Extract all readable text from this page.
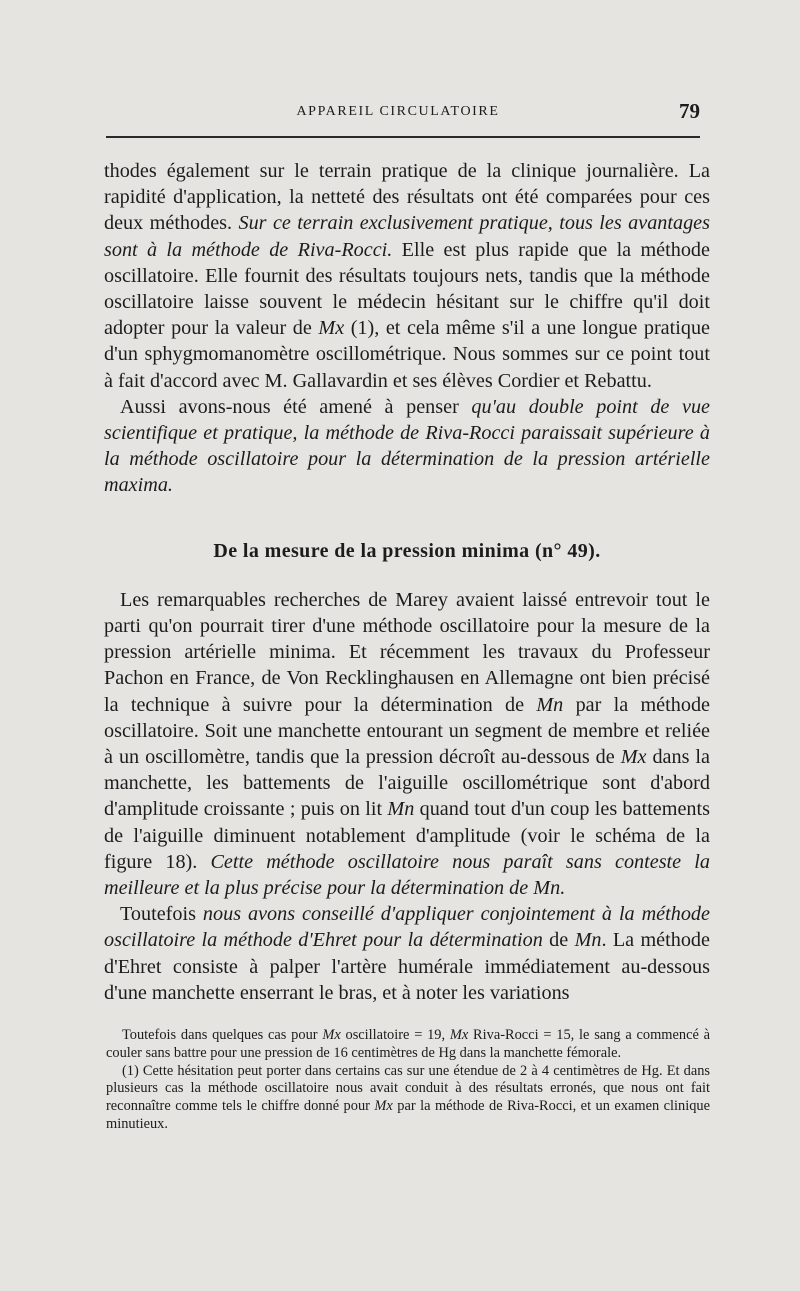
APPAREIL CIRCULATOIRE	79

thodes également sur le terrain pratique de la clinique journalière. La rapidité d'application, la netteté des résultats ont été comparées pour ces deux méthodes. Sur ce terrain exclusivement pratique, tous les avantages sont à la méthode de Riva-Rocci. Elle est plus rapide que la méthode oscillatoire. Elle fournit des résultats toujours nets, tandis que la méthode oscillatoire laisse souvent le médecin hésitant sur le chiffre qu'il doit adopter pour la valeur de Mx (1), et cela même s'il a une longue pratique d'un sphygmomanomètre oscillométrique. Nous sommes sur ce point tout à fait d'accord avec M. Gallavardin et ses élèves Cordier et Rebattu.

Aussi avons-nous été amené à penser qu'au double point de vue scientifique et pratique, la méthode de Riva-Rocci paraissait supérieure à la méthode oscillatoire pour la détermination de la pression artérielle maxima.

De la mesure de la pression minima (n° 49).

Les remarquables recherches de Marey avaient laissé entrevoir tout le parti qu'on pourrait tirer d'une méthode oscillatoire pour la mesure de la pression artérielle minima. Et récemment les travaux du Professeur Pachon en France, de Von Recklinghausen en Allemagne ont bien précisé la technique à suivre pour la détermination de Mn par la méthode oscillatoire. Soit une manchette entourant un segment de membre et reliée à un oscillomètre, tandis que la pression décroît au-dessous de Mx dans la manchette, les battements de l'aiguille oscillométrique sont d'abord d'amplitude croissante ; puis on lit Mn quand tout d'un coup les battements de l'aiguille diminuent notablement d'amplitude (voir le schéma de la figure 18). Cette méthode oscillatoire nous paraît sans conteste la meilleure et la plus précise pour la détermination de Mn.

Toutefois nous avons conseillé d'appliquer conjointement à la méthode oscillatoire la méthode d'Ehret pour la détermination de Mn. La méthode d'Ehret consiste à palper l'artère humérale immédiatement au-dessous d'une manchette enserrant le bras, et à noter les variations

Toutefois dans quelques cas pour Mx oscillatoire = 19, Mx Riva-Rocci = 15, le sang a commencé à couler sans battre pour une pression de 16 centimètres de Hg dans la manchette fémorale.

(1) Cette hésitation peut porter dans certains cas sur une étendue de 2 à 4 centimètres de Hg. Et dans plusieurs cas la méthode oscillatoire nous avait conduit à des résultats erronés, que nous ont fait reconnaître comme tels le chiffre donné pour Mx par la méthode de Riva-Rocci, et un examen clinique minutieux.
